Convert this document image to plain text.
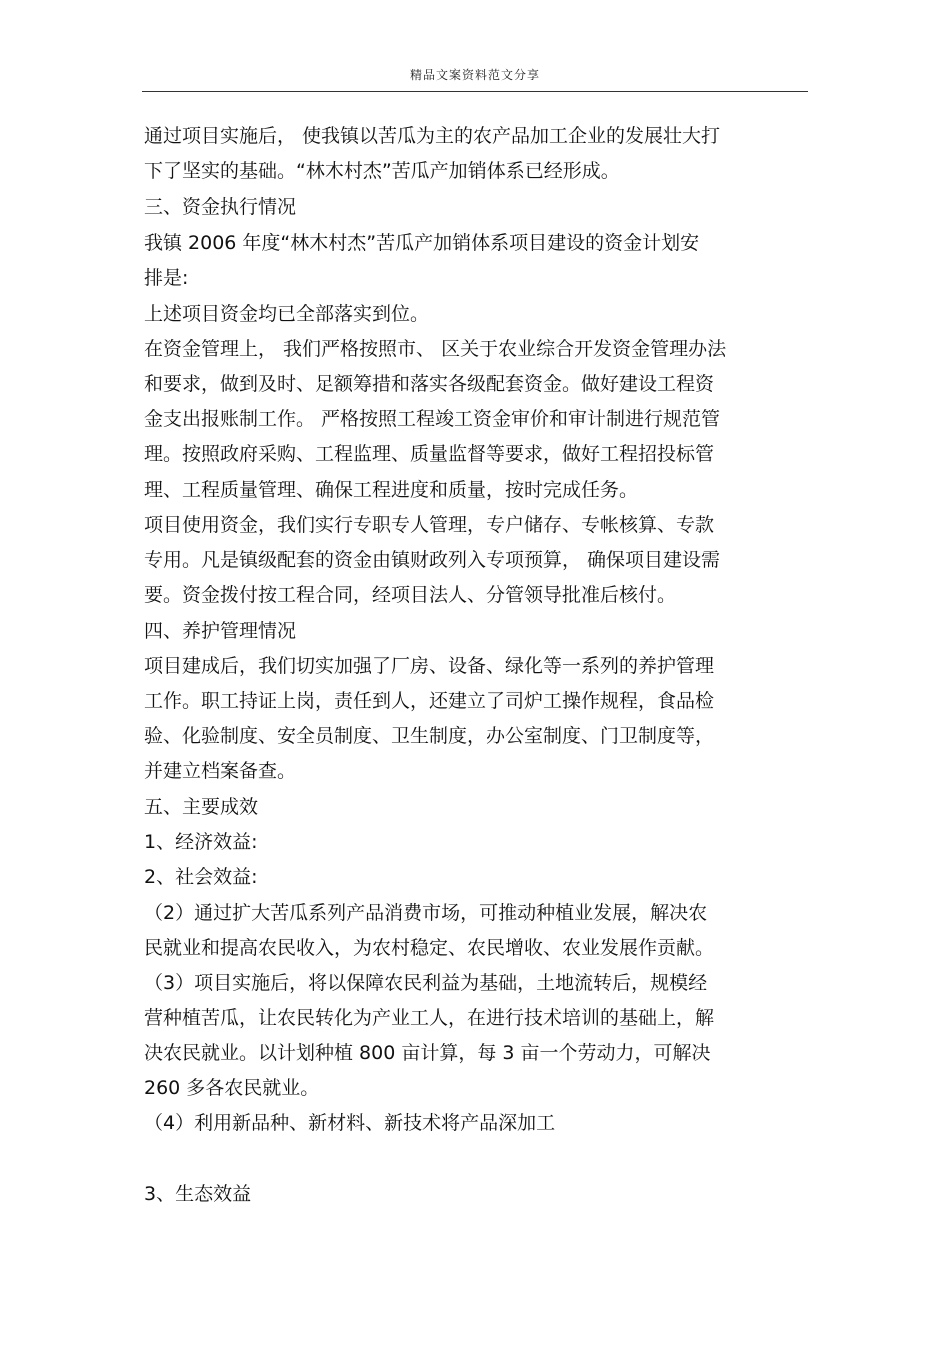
精品文案资料范文分享
通过项目实施后， 使我镇以苦瓜为主的农产品加工企业的发展壮大打
下了坚实的基础。“林木村杰”苦瓜产加销体系已经形成。
三、资金执行情况
我镇 2006 年度“林木村杰”苦瓜产加销体系项目建设的资金计划安
排是:
上述项目资金均已全部落实到位。
在资金管理上， 我们严格按照市、 区关于农业综合开发资金管理办法
和要求，做到及时、足额筹措和落实各级配套资金。做好建设工程资
金支出报账制工作。 严格按照工程竣工资金审价和审计制进行规范管
理。按照政府采购、工程监理、质量监督等要求，做好工程招投标管
理、工程质量管理、确保工程进度和质量，按时完成任务。
项目使用资金，我们实行专职专人管理，专户储存、专帐核算、专款
专用。凡是镇级配套的资金由镇财政列入专项预算， 确保项目建设需
要。资金拨付按工程合同，经项目法人、分管领导批准后核付。
四、养护管理情况
项目建成后，我们切实加强了厂房、设备、绿化等一系列的养护管理
工作。职工持证上岗，责任到人，还建立了司炉工操作规程，食品检
验、化验制度、安全员制度、卫生制度，办公室制度、门卫制度等，
并建立档案备查。
五、主要成效
1、经济效益:
2、社会效益:
（2）通过扩大苦瓜系列产品消费市场，可推动种植业发展，解决农
民就业和提高农民收入，为农村稳定、农民增收、农业发展作贡献。
（3）项目实施后，将以保障农民利益为基础，土地流转后，规模经
营种植苦瓜，让农民转化为产业工人，在进行技术培训的基础上，解
决农民就业。以计划种植 800 亩计算，每 3 亩一个劳动力，可解决
260 多各农民就业。
（4）利用新品种、新材料、新技术将产品深加工
3、生态效益
